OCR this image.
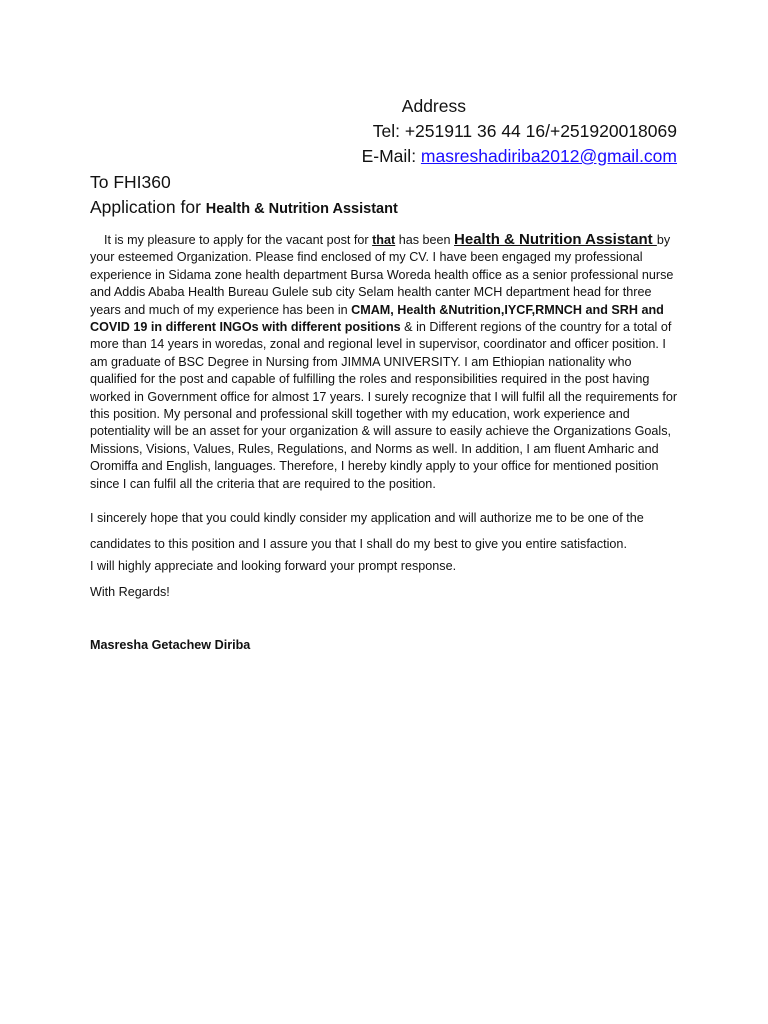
Address
Tel: +251911 36 44 16/+251920018069
E-Mail: masreshadiriba2012@gmail.com
To FHI360
Application for Health & Nutrition Assistant
It is my pleasure to apply for the vacant post for that has been Health & Nutrition Assistant by your esteemed Organization. Please find enclosed of my CV. I have been engaged my professional experience in Sidama zone health department Bursa Woreda health office as a senior professional nurse and Addis Ababa Health Bureau Gulele sub city Selam health canter MCH department head for three years and much of my experience has been in CMAM, Health &Nutrition,IYCF,RMNCH and SRH and COVID 19 in different INGOs with different positions & in Different regions of the country for a total of more than 14 years in woredas, zonal and regional level in supervisor, coordinator and officer position. I am graduate of BSC Degree in Nursing from JIMMA UNIVERSITY. I am Ethiopian nationality who qualified for the post and capable of fulfilling the roles and responsibilities required in the post having worked in Government office for almost 17 years. I surely recognize that I will fulfil all the requirements for this position. My personal and professional skill together with my education, work experience and potentiality will be an asset for your organization & will assure to easily achieve the Organizations Goals, Missions, Visions, Values, Rules, Regulations, and Norms as well. In addition, I am fluent Amharic and Oromiffa and English, languages. Therefore, I hereby kindly apply to your office for mentioned position since I can fulfil all the criteria that are required to the position.
I sincerely hope that you could kindly consider my application and will authorize me to be one of the candidates to this position and I assure you that I shall do my best to give you entire satisfaction.
I will highly appreciate and looking forward your prompt response.
With Regards!
Masresha Getachew Diriba
